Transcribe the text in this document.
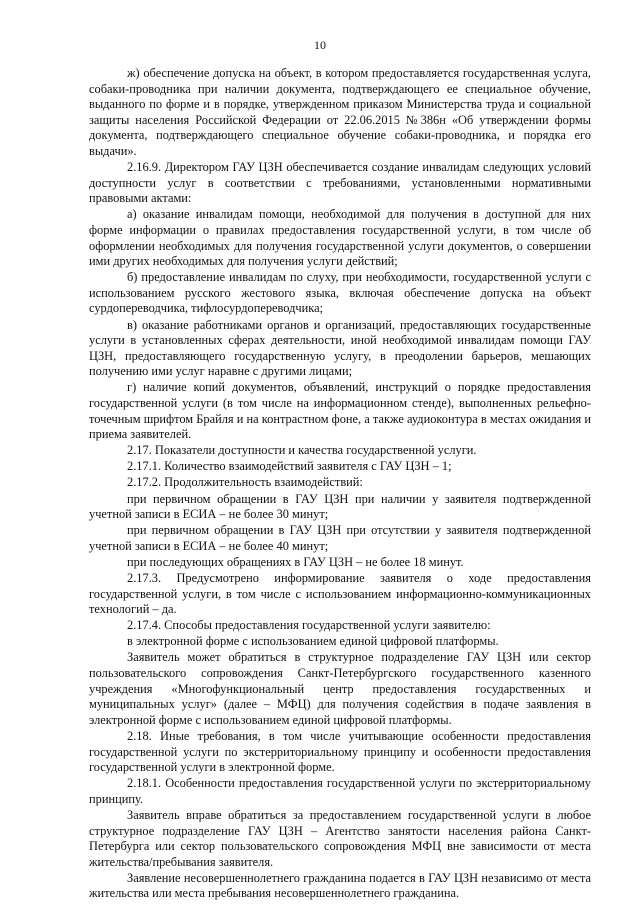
10

ж) обеспечение допуска на объект, в котором предоставляется государственная услуга, собаки-проводника при наличии документа, подтверждающего ее специальное обучение, выданного по форме и в порядке, утвержденном приказом Министерства труда и социальной защиты населения Российской Федерации от 22.06.2015 №386н «Об утверждении формы документа, подтверждающего специальное обучение собаки-проводника, и порядка его выдачи».

2.16.9. Директором ГАУ ЦЗН обеспечивается создание инвалидам следующих условий доступности услуг в соответствии с требованиями, установленными нормативными правовыми актами:

а) оказание инвалидам помощи, необходимой для получения в доступной для них форме информации о правилах предоставления государственной услуги, в том числе об оформлении необходимых для получения государственной услуги документов, о совершении ими других необходимых для получения услуги действий;

б) предоставление инвалидам по слуху, при необходимости, государственной услуги с использованием русского жестового языка, включая обеспечение допуска на объект сурдопереводчика, тифлосурдопереводчика;

в) оказание работниками органов и организаций, предоставляющих государственные услуги в установленных сферах деятельности, иной необходимой инвалидам помощи ГАУ ЦЗН, предоставляющего государственную услугу, в преодолении барьеров, мешающих получению ими услуг наравне с другими лицами;

г) наличие копий документов, объявлений, инструкций о порядке предоставления государственной услуги (в том числе на информационном стенде), выполненных рельефно-точечным шрифтом Брайля и на контрастном фоне, а также аудиоконтура в местах ожидания и приема заявителей.

2.17. Показатели доступности и качества государственной услуги.

2.17.1. Количество взаимодействий заявителя с ГАУ ЦЗН – 1;

2.17.2. Продолжительность взаимодействий:

при первичном обращении в ГАУ ЦЗН при наличии у заявителя подтвержденной учетной записи в ЕСИА – не более 30 минут;

при первичном обращении в ГАУ ЦЗН при отсутствии у заявителя подтвержденной учетной записи в ЕСИА – не более 40 минут;

при последующих обращениях в ГАУ ЦЗН – не более 18 минут.

2.17.3. Предусмотрено информирование заявителя о ходе предоставления государственной услуги, в том числе с использованием информационно-коммуникационных технологий – да.

2.17.4. Способы предоставления государственной услуги заявителю:

в электронной форме с использованием единой цифровой платформы.

Заявитель может обратиться в структурное подразделение ГАУ ЦЗН или сектор пользовательского сопровождения Санкт-Петербургского государственного казенного учреждения «Многофункциональный центр предоставления государственных и муниципальных услуг» (далее – МФЦ) для получения содействия в подаче заявления в электронной форме с использованием единой цифровой платформы.

2.18. Иные требования, в том числе учитывающие особенности предоставления государственной услуги по экстерриториальному принципу и особенности предоставления государственной услуги в электронной форме.

2.18.1. Особенности предоставления государственной услуги по экстерриториальному принципу.

Заявитель вправе обратиться за предоставлением государственной услуги в любое структурное подразделение ГАУ ЦЗН – Агентство занятости населения района Санкт-Петербурга или сектор пользовательского сопровождения МФЦ вне зависимости от места жительства/пребывания заявителя.

Заявление несовершеннолетнего гражданина подается в ГАУ ЦЗН независимо от места жительства или места пребывания несовершеннолетнего гражданина.
